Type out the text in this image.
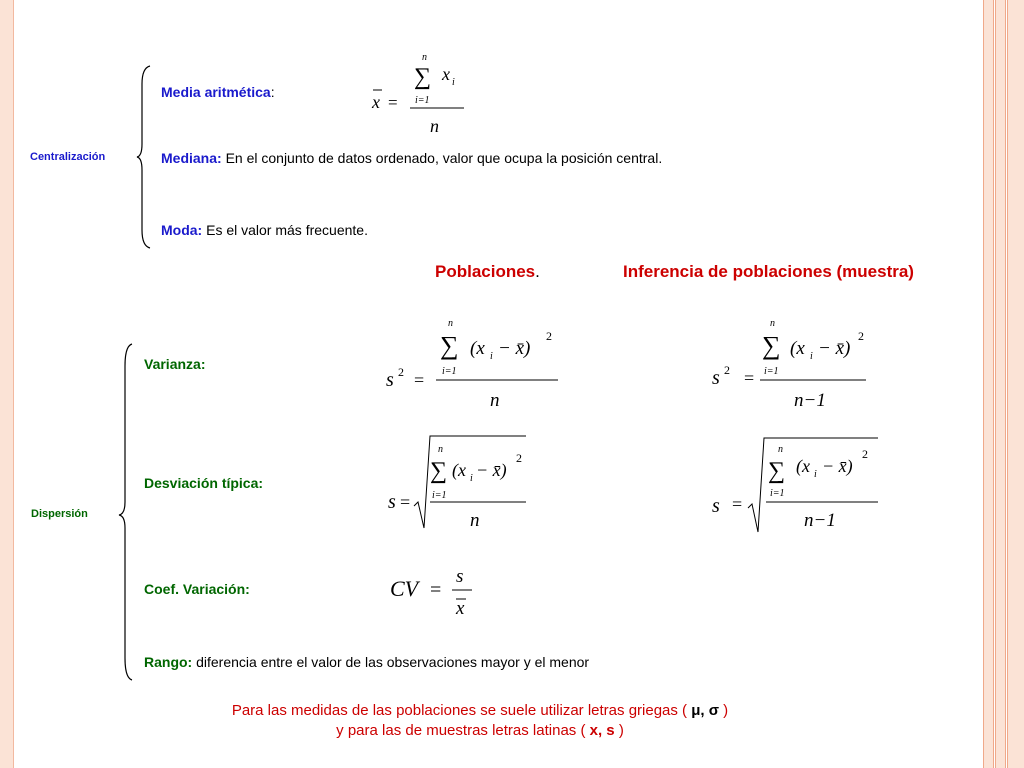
Centralización
Media aritmética:	x =
n
∑
i=1
x i
n
Mediana: En el conjunto de datos ordenado, valor que ocupa la posición central.
Moda: Es el valor más frecuente.
Poblaciones.	Inferencia de poblaciones (muestra)
Dispersión
Varianza:
Desviación típica:
Coef. Variación:
Rango: diferencia entre el valor de las observaciones mayor y el menor
s 2 =
n
∑
i=1
(x i − x̄)
2
n
s 2 =
n
∑
i=1
(x i − x̄)
2
n−1
s =
n
∑
i=1
(x i − x̄)
2
n
s =
n
∑
i=1
(x i − x̄)
2
n−1
CV =
s
x
Para las medidas de las poblaciones se suele utilizar letras griegas ( μ, σ )
y para las de muestras letras latinas ( x, s )
